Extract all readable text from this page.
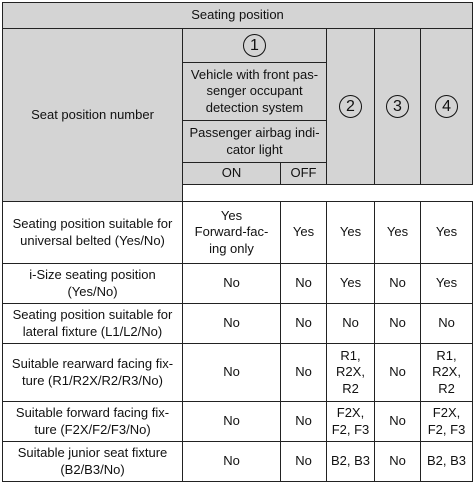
Seating position					
Seat position number	1		2	3	4
	Vehicle with front pas-
senger occupant
detection system				
	Passenger airbag indi-
cator light				
	ON	OFF			

Seating position suitable for
universal belted (Yes/No)	Yes
Forward-fac-
ing only	Yes	Yes	Yes	Yes
i-Size seating position
(Yes/No)	No	No	Yes	No	Yes
Seating position suitable for
lateral fixture (L1/L2/No)	No	No	No	No	No
Suitable rearward facing fix-
ture (R1/R2X/R2/R3/No)	No	No	R1,
R2X,
R2	No	R1,
R2X,
R2
Suitable forward facing fix-
ture (F2X/F2/F3/No)	No	No	F2X,
F2, F3	No	F2X,
F2, F3
Suitable junior seat fixture
(B2/B3/No)	No	No	B2, B3	No	B2, B3
